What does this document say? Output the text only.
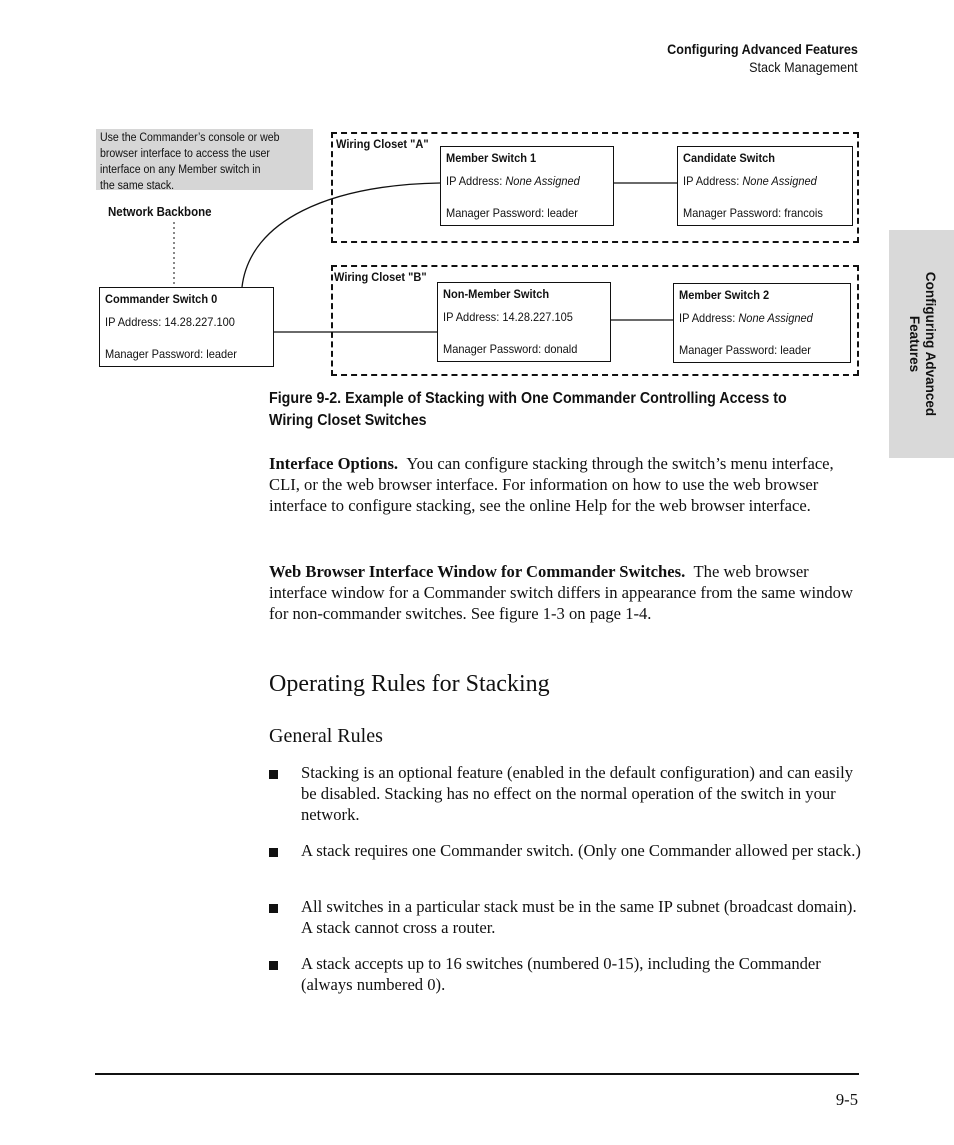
Configuring Advanced Features
Stack Management
Configuring Advanced
Features
Use the Commander’s console or web
browser interface to access the user
interface on any Member switch in
the same stack.
Network Backbone
Wiring Closet "A"
Wiring Closet "B"
Commander Switch 0
IP Address: 14.28.227.100
Manager Password: leader
Member Switch 1
IP Address: None Assigned
Manager Password: leader
Candidate Switch
IP Address: None Assigned
Manager Password: francois
Non-Member Switch
IP Address: 14.28.227.105
Manager Password: donald
Member Switch 2
IP Address: None Assigned
Manager Password: leader
Figure 9-2. Example of Stacking with One Commander Controlling Access to
Wiring Closet Switches
Interface Options. You can configure stacking through the switch’s menu interface, CLI, or the web browser interface. For information on how to use the web browser interface to configure stacking, see the online Help for the web browser interface.
Web Browser Interface Window for Commander Switches. The web browser interface window for a Commander switch differs in appearance from the same window for non-commander switches. See figure 1-3 on page 1-4.
Operating Rules for Stacking
General Rules
Stacking is an optional feature (enabled in the default configuration) and can easily be disabled. Stacking has no effect on the normal operation of the switch in your network.
A stack requires one Commander switch. (Only one Commander allowed per stack.)
All switches in a particular stack must be in the same IP subnet (broadcast domain). A stack cannot cross a router.
A stack accepts up to 16 switches (numbered 0-15), including the Commander (always numbered 0).
9-5
